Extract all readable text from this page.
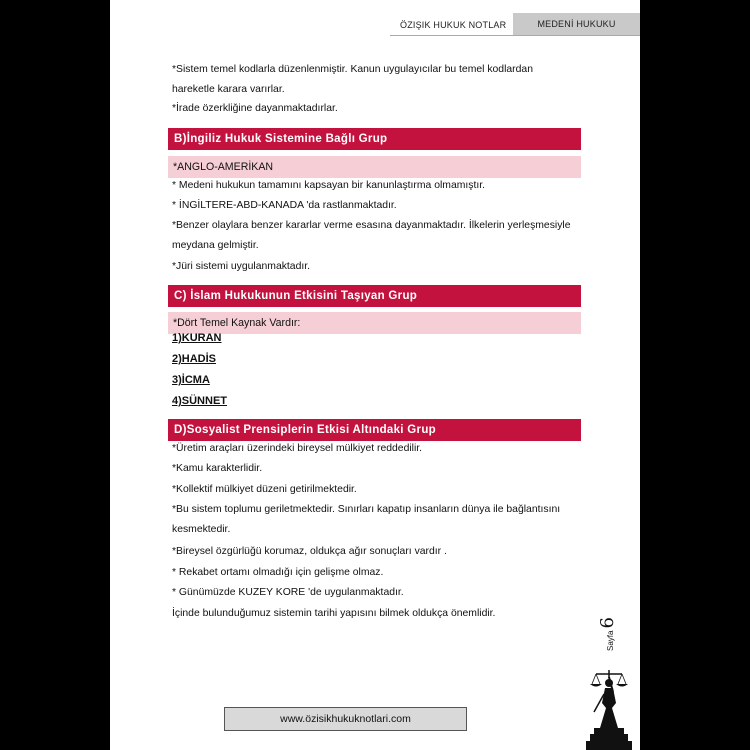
ÖZIŞIK HUKUK NOTLAR	MEDENİ HUKUKU
*Sistem temel kodlarla düzenlenmiştir. Kanun uygulayıcılar bu temel kodlardan
hareketle karara varırlar.
*İrade özerkliğine dayanmaktadırlar.
B)İngiliz Hukuk Sistemine Bağlı Grup
*ANGLO-AMERİKAN
* Medeni hukukun tamamını kapsayan bir kanunlaştırma olmamıştır.
* İNGİLTERE-ABD-KANADA 'da rastlanmaktadır.
*Benzer olaylara benzer kararlar verme esasına dayanmaktadır. İlkelerin yerleşmesiyle
meydana gelmiştir.
*Jüri sistemi uygulanmaktadır.
C) İslam Hukukunun Etkisini Taşıyan Grup
*Dört Temel Kaynak Vardır:
1)KURAN
2)HADİS
3)İCMA
4)SÜNNET
D)Sosyalist Prensiplerin Etkisi Altındaki Grup
*Üretim araçları üzerindeki bireysel mülkiyet reddedilir.
*Kamu karakterlidir.
*Kollektif mülkiyet düzeni getirilmektedir.
*Bu sistem toplumu geriletmektedir. Sınırları kapatıp insanların dünya ile bağlantısını
kesmektedir.
*Bireysel özgürlüğü korumaz, oldukça ağır sonuçları vardır .
* Rekabet ortamı olmadığı için gelişme olmaz.
* Günümüzde KUZEY KORE 'de uygulanmaktadır.
İçinde bulunduğumuz sistemin tarihi yapısını bilmek oldukça önemlidir.
Sayfa
6
www.özisikhukuknotlari.com
